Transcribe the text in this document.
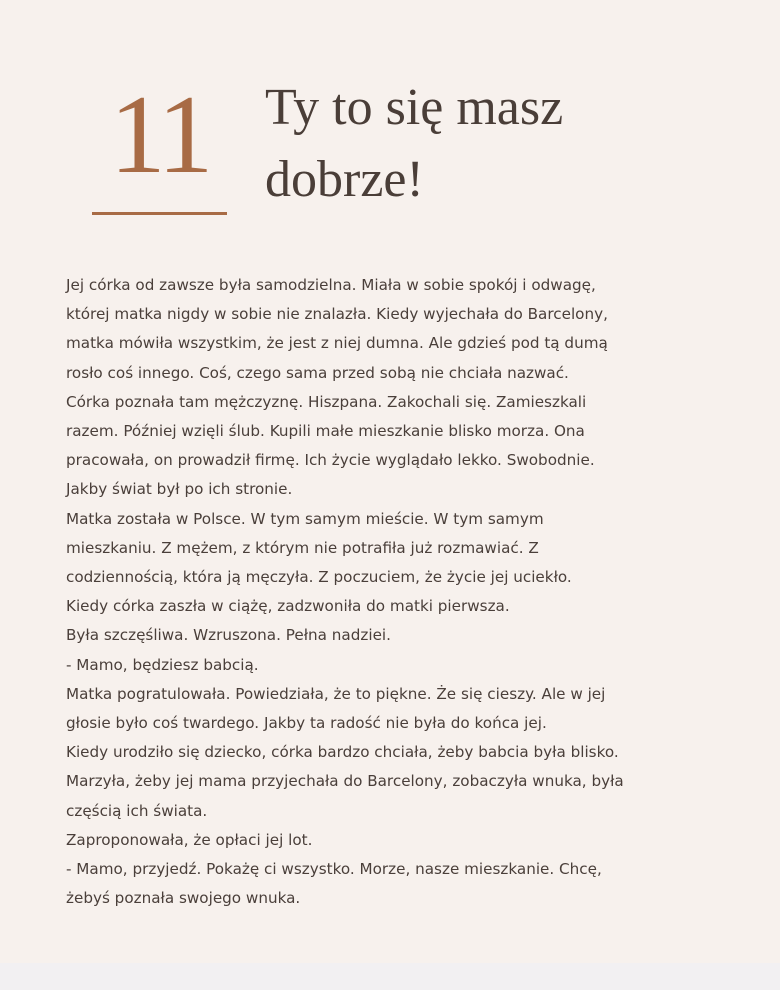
11	Ty to się masz
dobrze!

Jej córka od zawsze była samodzielna. Miała w sobie spokój i odwagę,

której matka nigdy w sobie nie znalazła. Kiedy wyjechała do Barcelony,

matka mówiła wszystkim, że jest z niej dumna. Ale gdzieś pod tą dumą

rosło coś innego. Coś, czego sama przed sobą nie chciała nazwać.

Córka poznała tam mężczyznę. Hiszpana. Zakochali się. Zamieszkali

razem. Później wzięli ślub. Kupili małe mieszkanie blisko morza. Ona

pracowała, on prowadził firmę. Ich życie wyglądało lekko. Swobodnie.

Jakby świat był po ich stronie.

Matka została w Polsce. W tym samym mieście. W tym samym

mieszkaniu. Z mężem, z którym nie potrafiła już rozmawiać. Z

codziennością, która ją męczyła. Z poczuciem, że życie jej uciekło.

Kiedy córka zaszła w ciążę, zadzwoniła do matki pierwsza.

Była szczęśliwa. Wzruszona. Pełna nadziei.

- Mamo, będziesz babcią.

Matka pogratulowała. Powiedziała, że to piękne. Że się cieszy. Ale w jej

głosie było coś twardego. Jakby ta radość nie była do końca jej.

Kiedy urodziło się dziecko, córka bardzo chciała, żeby babcia była blisko.

Marzyła, żeby jej mama przyjechała do Barcelony, zobaczyła wnuka, była

częścią ich świata.

Zaproponowała, że opłaci jej lot.

- Mamo, przyjedź. Pokażę ci wszystko. Morze, nasze mieszkanie. Chcę,

żebyś poznała swojego wnuka.
